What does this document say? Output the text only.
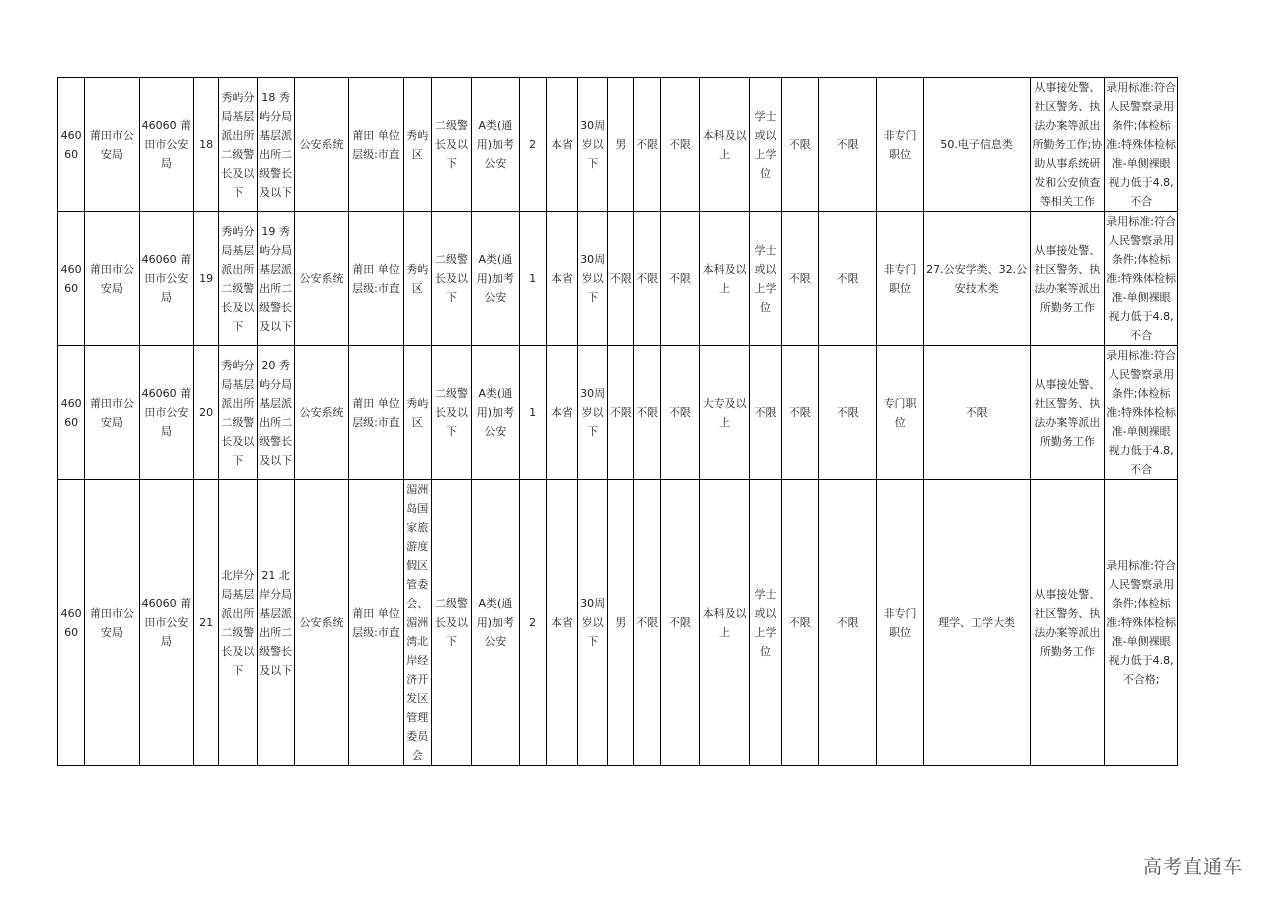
46060	莆田市公安局	46060 莆田市公安局	18	秀屿分局基层派出所二级警长及以下	18 秀屿分局基层派出所二级警长及以下	公安系统	莆田 单位层级:市直	秀屿区	二级警长及以下	A类(通用)加考公安	2	本省	30周岁以下	男	不限	不限	本科及以上	学士或以上学位	不限	不限	非专门职位	50.电子信息类	从事接处警、社区警务、执法办案等派出所勤务工作;协助从事系统研发和公安侦查等相关工作	录用标准:符合人民警察录用条件;体检标准:特殊体检标准-单侧裸眼视力低于4.8,不合
46060	莆田市公安局	46060 莆田市公安局	19	秀屿分局基层派出所二级警长及以下	19 秀屿分局基层派出所二级警长及以下	公安系统	莆田 单位层级:市直	秀屿区	二级警长及以下	A类(通用)加考公安	1	本省	30周岁以下	不限	不限	不限	本科及以上	学士或以上学位	不限	不限	非专门职位	27.公安学类、32.公安技术类	从事接处警、社区警务、执法办案等派出所勤务工作	录用标准:符合人民警察录用条件;体检标准:特殊体检标准-单侧裸眼视力低于4.8,不合
46060	莆田市公安局	46060 莆田市公安局	20	秀屿分局基层派出所二级警长及以下	20 秀屿分局基层派出所二级警长及以下	公安系统	莆田 单位层级:市直	秀屿区	二级警长及以下	A类(通用)加考公安	1	本省	30周岁以下	不限	不限	不限	大专及以上	不限	不限	不限	专门职位	不限	从事接处警、社区警务、执法办案等派出所勤务工作	录用标准:符合人民警察录用条件;体检标准:特殊体检标准-单侧裸眼视力低于4.8,不合
46060	莆田市公安局	46060 莆田市公安局	21	北岸分局基层派出所二级警长及以下	21 北岸分局基层派出所二级警长及以下	公安系统	莆田 单位层级:市直	湄洲岛国家旅游度假区管委会、湄洲湾北岸经济开发区管理委员会	二级警长及以下	A类(通用)加考公安	2	本省	30周岁以下	男	不限	不限	本科及以上	学士或以上学位	不限	不限	非专门职位	理学、工学大类	从事接处警、社区警务、执法办案等派出所勤务工作	录用标准:符合人民警察录用条件;体检标准:特殊体检标准-单侧裸眼视力低于4.8,不合格;
高考直通车
